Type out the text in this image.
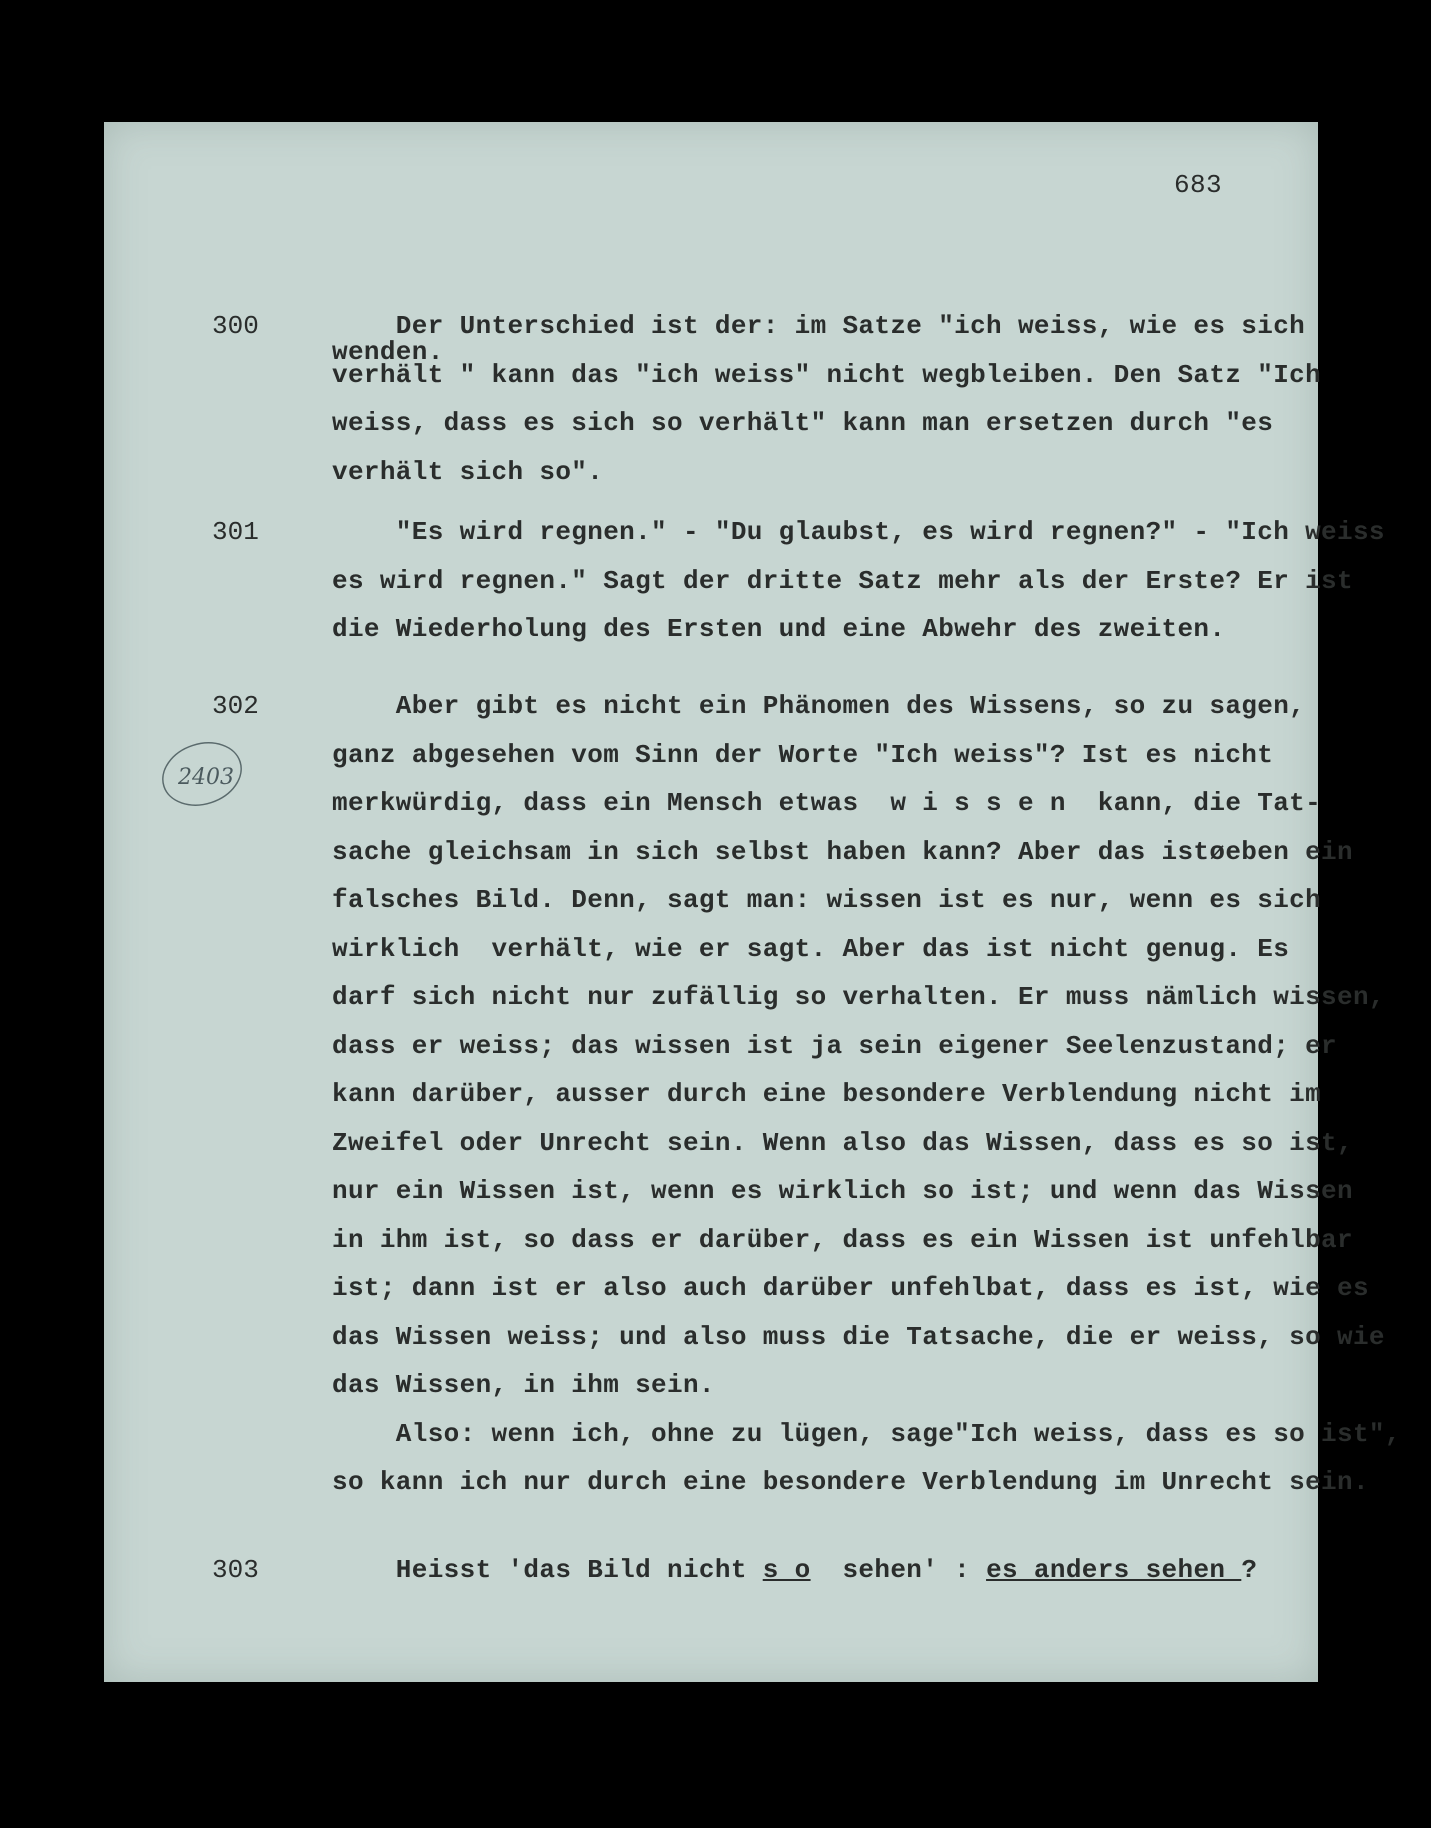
683
wenden.
300	Der Unterschied ist der: im Satze "ich weiss, wie es sich
verhält " kann das "ich weiss" nicht wegbleiben. Den Satz "Ich
weiss, dass es sich so verhält" kann man ersetzen durch "es
verhält sich so".
301	"Es wird regnen." - "Du glaubst, es wird regnen?" - "Ich weiss
es wird regnen." Sagt der dritte Satz mehr als der Erste? Er ist
die Wiederholung des Ersten und eine Abwehr des zweiten.
302
2403
Aber gibt es nicht ein Phänomen des Wissens, so zu sagen,
ganz abgesehen vom Sinn der Worte "Ich weiss"? Ist es nicht
merkwürdig, dass ein Mensch etwas  w i s s e n  kann, die Tat-
sache gleichsam in sich selbst haben kann? Aber das istøeben ein
falsches Bild. Denn, sagt man: wissen ist es nur, wenn es sich
wirklich  verhält, wie er sagt. Aber das ist nicht genug. Es
darf sich nicht nur zufällig so verhalten. Er muss nämlich wissen,
dass er weiss; das wissen ist ja sein eigener Seelenzustand; er
kann darüber, ausser durch eine besondere Verblendung nicht im
Zweifel oder Unrecht sein. Wenn also das Wissen, dass es so ist,
nur ein Wissen ist, wenn es wirklich so ist; und wenn das Wissen
in ihm ist, so dass er darüber, dass es ein Wissen ist unfehlbar
ist; dann ist er also auch darüber unfehlbat, dass es ist, wie es
das Wissen weiss; und also muss die Tatsache, die er weiss, so wie
das Wissen, in ihm sein.
Also: wenn ich, ohne zu lügen, sage"Ich weiss, dass es so ist",
so kann ich nur durch eine besondere Verblendung im Unrecht sein.
303	Heisst 'das Bild nicht s o  sehen' : es anders sehen ?
